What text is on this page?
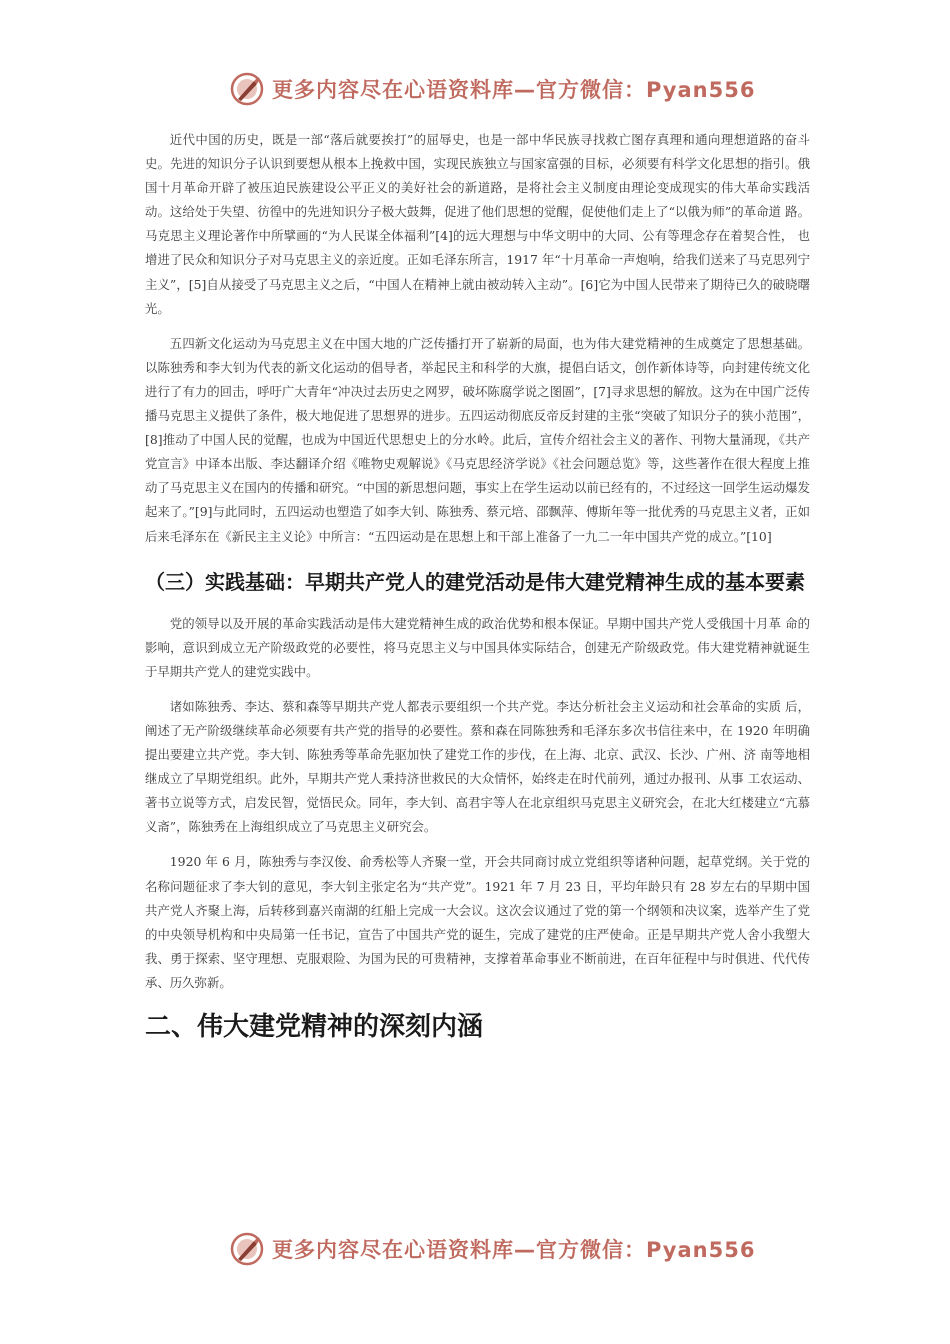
更多内容尽在心语资料库—官方微信：Pyan556

近代中国的历史，既是一部“落后就要挨打”的屈辱史，也是一部中华民族寻找救亡图存真理和通向理想道路的奋斗史。先进的知识分子认识到要想从根本上挽救中国，实现民族独立与国家富强的目标，必须要有科学文化思想的指引。俄国十月革命开辟了被压迫民族建设公平正义的美好社会的新道路，是将社会主义制度由理论变成现实的伟大革命实践活动。这给处于失望、彷徨中的先进知识分子极大鼓舞，促进了他们思想的觉醒，促使他们走上了“以俄为师”的革命道 路。马克思主义理论著作中所擘画的“为人民谋全体福利”[4]的远大理想与中华文明中的大同、公有等理念存在着契合性， 也增进了民众和知识分子对马克思主义的亲近度。正如毛泽东所言，1917 年“十月革命一声炮响，给我们送来了马克思列宁主义”，[5]自从接受了马克思主义之后，“中国人在精神上就由被动转入主动”。[6]它为中国人民带来了期待已久的破晓曙光。

五四新文化运动为马克思主义在中国大地的广泛传播打开了崭新的局面，也为伟大建党精神的生成奠定了思想基础。以陈独秀和李大钊为代表的新文化运动的倡导者，举起民主和科学的大旗，提倡白话文，创作新体诗等，向封建传统文化进行了有力的回击，呼吁广大青年“冲决过去历史之网罗，破坏陈腐学说之图圄”，[7]寻求思想的解放。这为在中国广泛传播马克思主义提供了条件，极大地促进了思想界的进步。五四运动彻底反帝反封建的主张“突破了知识分子的狭小范围”，[8]推动了中国人民的觉醒，也成为中国近代思想史上的分水岭。此后，宣传介绍社会主义的著作、刊物大量涌现，《共产党宣言》中译本出版、李达翻译介绍《唯物史观解说》《马克思经济学说》《社会问题总览》等，这些著作在很大程度上推动了马克思主义在国内的传播和研究。“中国的新思想问题，事实上在学生运动以前已经有的，不过经这一回学生运动爆发起来了。”[9]与此同时，五四运动也塑造了如李大钊、陈独秀、蔡元培、邵飘萍、傅斯年等一批优秀的马克思主义者，正如后来毛泽东在《新民主主义论》中所言：“五四运动是在思想上和干部上准备了一九二一年中国共产党的成立。”[10]

（三）实践基础：早期共产党人的建党活动是伟大建党精神生成的基本要素

党的领导以及开展的革命实践活动是伟大建党精神生成的政治优势和根本保证。早期中国共产党人受俄国十月革 命的影响，意识到成立无产阶级政党的必要性，将马克思主义与中国具体实际结合，创建无产阶级政党。伟大建党精神就诞生于早期共产党人的建党实践中。

诸如陈独秀、李达、蔡和森等早期共产党人都表示要组织一个共产党。李达分析社会主义运动和社会革命的实质 后，阐述了无产阶级继续革命必须要有共产党的指导的必要性。蔡和森在同陈独秀和毛泽东多次书信往来中，在 1920 年明确提出要建立共产党。李大钊、陈独秀等革命先驱加快了建党工作的步伐，在上海、北京、武汉、长沙、广州、济 南等地相继成立了早期党组织。此外，早期共产党人秉持济世救民的大众情怀，始终走在时代前列，通过办报刊、从事 工农运动、著书立说等方式，启发民智，觉悟民众。同年，李大钊、高君宇等人在北京组织马克思主义研究会，在北大红楼建立“亢慕义斋”，陈独秀在上海组织成立了马克思主义研究会。

1920 年 6 月，陈独秀与李汉俊、俞秀松等人齐聚一堂，开会共同商讨成立党组织等诸种问题，起草党纲。关于党的名称问题征求了李大钊的意见，李大钊主张定名为“共产党”。1921 年 7 月 23 日，平均年龄只有 28 岁左右的早期中国共产党人齐聚上海，后转移到嘉兴南湖的红船上完成一大会议。这次会议通过了党的第一个纲领和决议案，选举产生了党的中央领导机构和中央局第一任书记，宣告了中国共产党的诞生，完成了建党的庄严使命。正是早期共产党人舍小我塑大我、勇于探索、坚守理想、克服艰险、为国为民的可贵精神，支撑着革命事业不断前进，在百年征程中与时俱进、代代传承、历久弥新。

二、伟大建党精神的深刻内涵
更多内容尽在心语资料库—官方微信：Pyan556
